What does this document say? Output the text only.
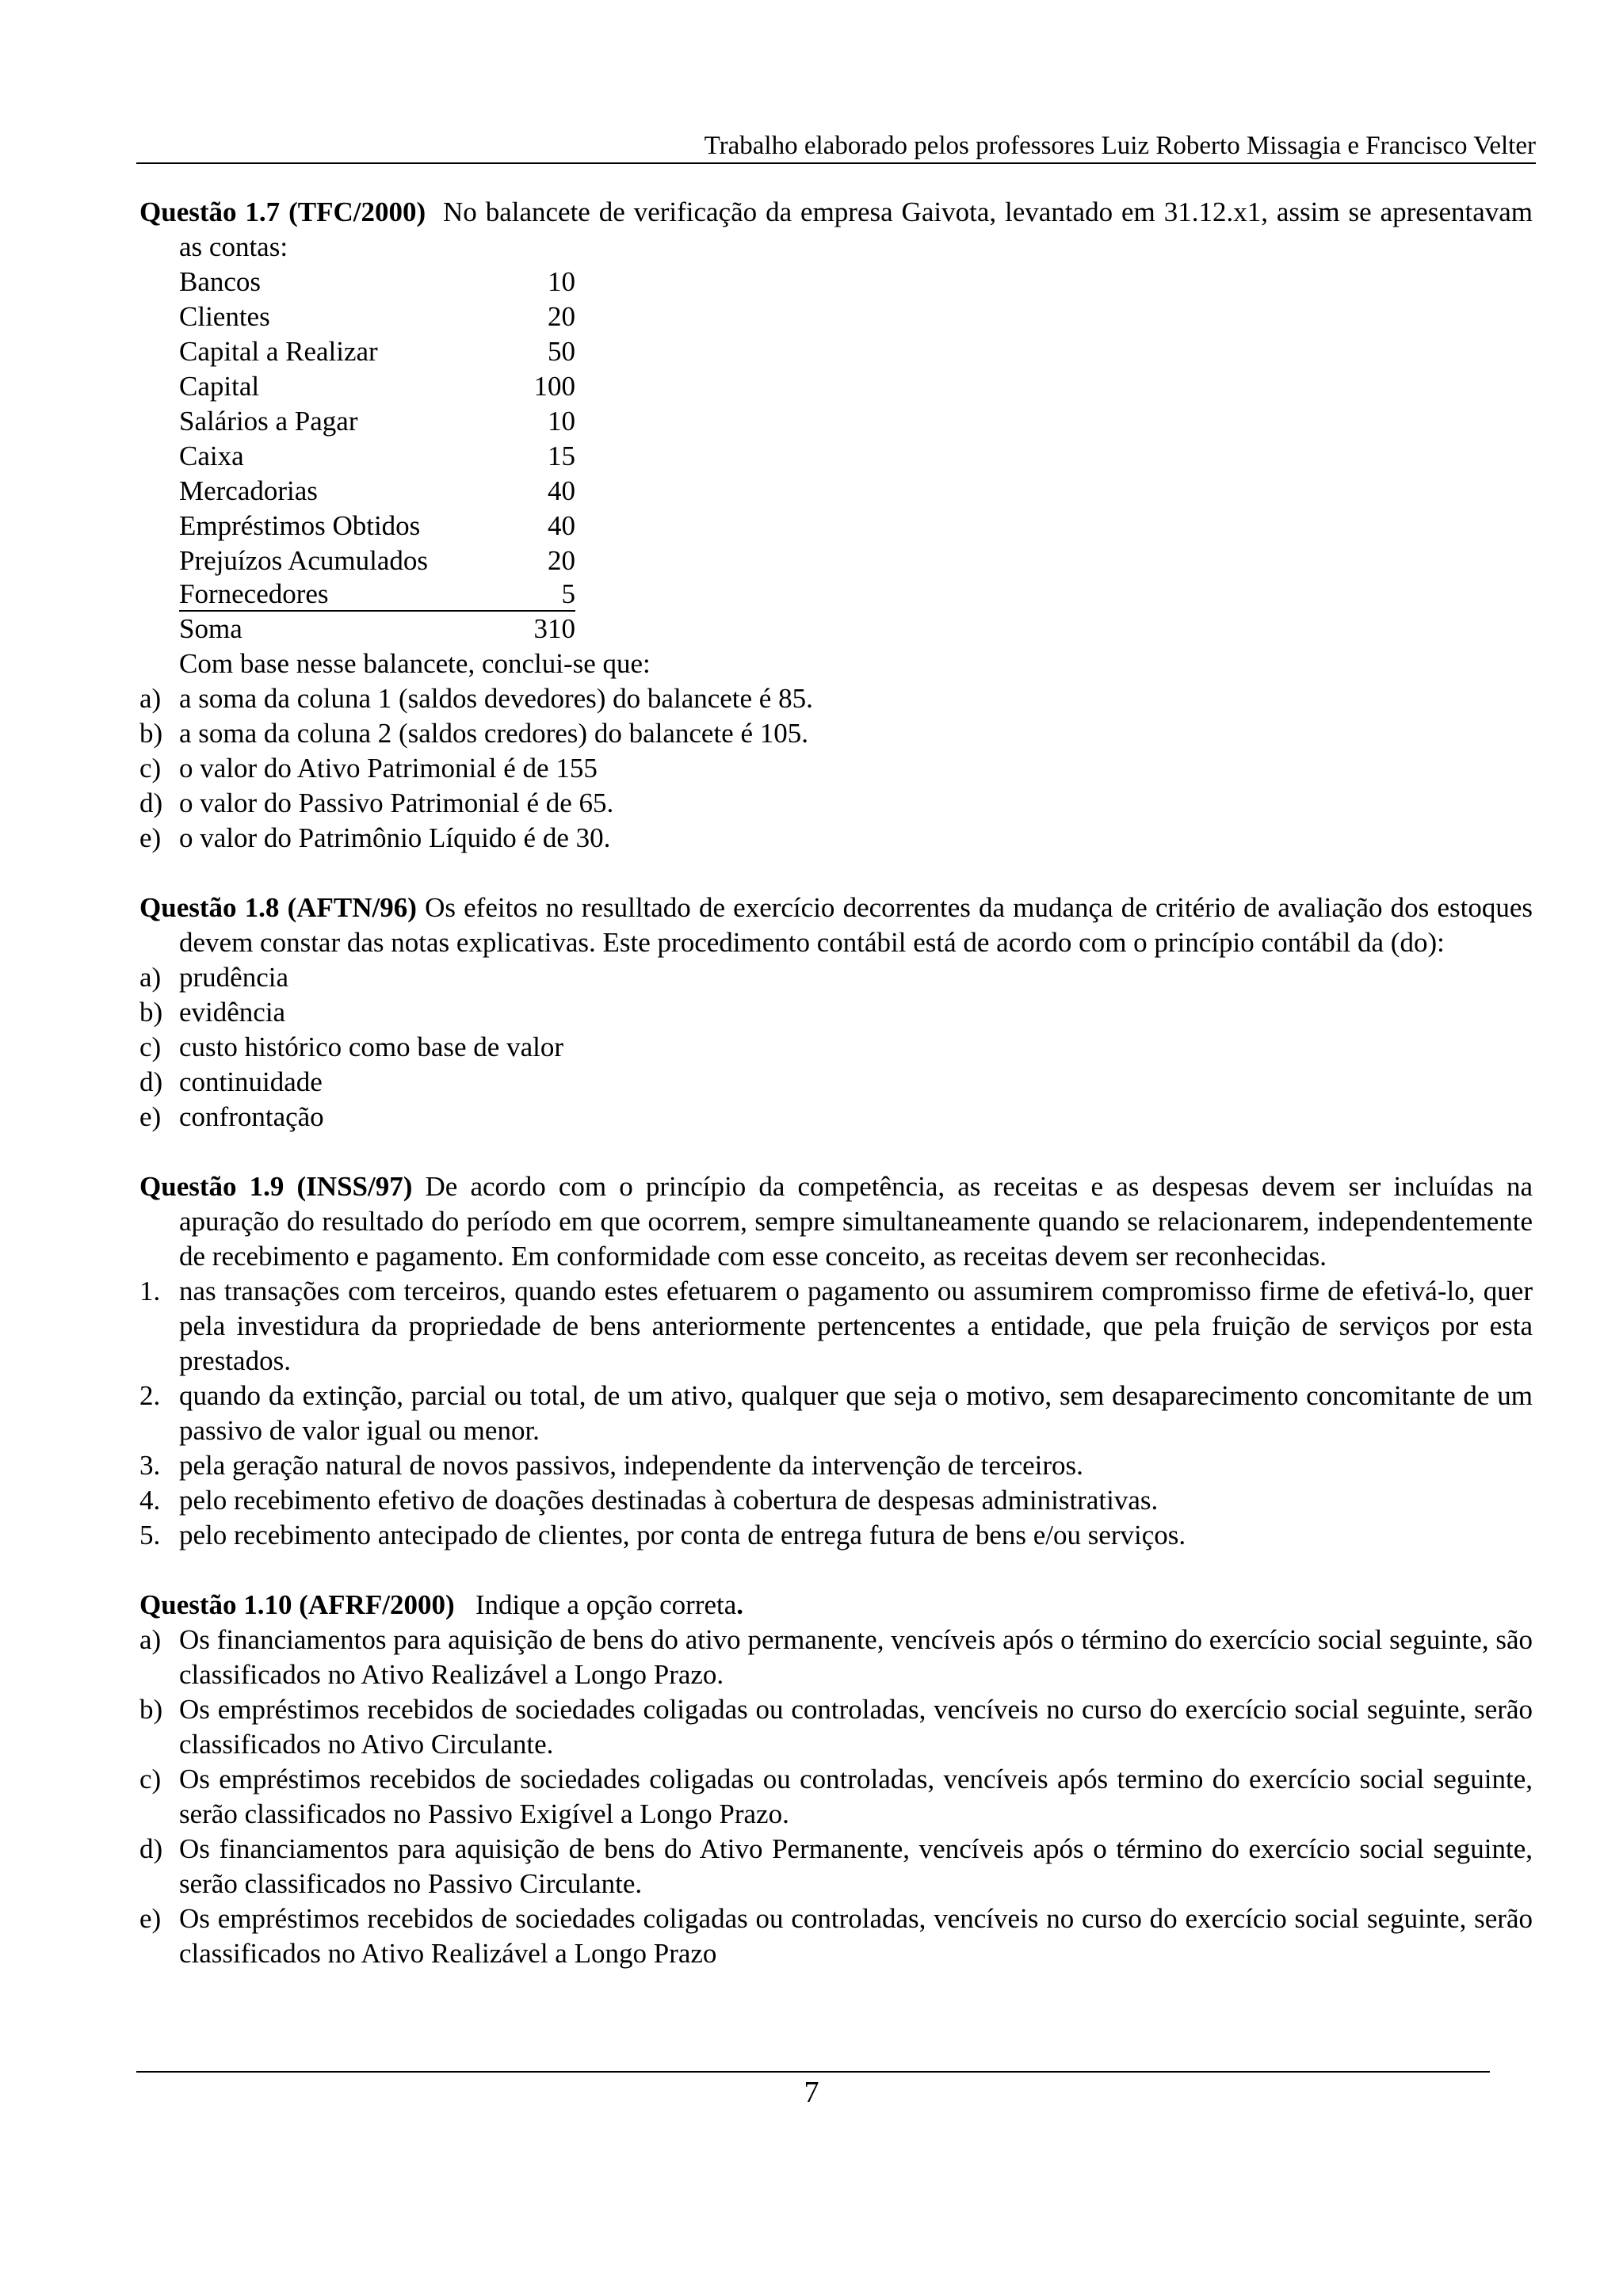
Trabalho elaborado pelos professores Luiz Roberto Missagia e Francisco Velter

Questão 1.7 (TFC/2000) No balancete de verificação da empresa Gaivota, levantado em 31.12.x1, assim se apresentavam as contas:

Bancos	10
Clientes	20
Capital a Realizar	50
Capital	100
Salários a Pagar	10
Caixa	15
Mercadorias	40
Empréstimos Obtidos	40
Prejuízos Acumulados	20
Fornecedores	5
Soma	310
Com base nesse balancete, conclui-se que:
a) a soma da coluna 1 (saldos devedores) do balancete é 85.
b) a soma da coluna 2 (saldos credores) do balancete é 105.
c) o valor do Ativo Patrimonial é de 155
d) o valor do Passivo Patrimonial é de 65.
e) o valor do Patrimônio Líquido é de 30.

Questão 1.8 (AFTN/96) Os efeitos no resulltado de exercício decorrentes da mudança de critério de avaliação dos estoques devem constar das notas explicativas. Este procedimento contábil está de acordo com o princípio contábil da (do):

a) prudência
b) evidência
c) custo histórico como base de valor
d) continuidade
e) confrontação

Questão 1.9 (INSS/97) De acordo com o princípio da competência, as receitas e as despesas devem ser incluídas na apuração do resultado do período em que ocorrem, sempre simultaneamente quando se relacionarem, independentemente de recebimento e pagamento. Em conformidade com esse conceito, as receitas devem ser reconhecidas.

1. nas transações com terceiros, quando estes efetuarem o pagamento ou assumirem compromisso firme de efetivá-lo, quer pela investidura da propriedade de bens anteriormente pertencentes a entidade, que pela fruição de serviços por esta prestados.
2. quando da extinção, parcial ou total, de um ativo, qualquer que seja o motivo, sem desaparecimento concomitante de um passivo de valor igual ou menor.
3. pela geração natural de novos passivos, independente da intervenção de terceiros.
4. pelo recebimento efetivo de doações destinadas à cobertura de despesas administrativas.
5. pelo recebimento antecipado de clientes, por conta de entrega futura de bens e/ou serviços.

Questão 1.10 (AFRF/2000) Indique a opção correta.

a) Os financiamentos para aquisição de bens do ativo permanente, vencíveis após o término do exercício social seguinte, são classificados no Ativo Realizável a Longo Prazo.
b) Os empréstimos recebidos de sociedades coligadas ou controladas, vencíveis no curso do exercício social seguinte, serão classificados no Ativo Circulante.
c) Os empréstimos recebidos de sociedades coligadas ou controladas, vencíveis após termino do exercício social seguinte, serão classificados no Passivo Exigível a Longo Prazo.
d) Os financiamentos para aquisição de bens do Ativo Permanente, vencíveis após o término do exercício social seguinte, serão classificados no Passivo Circulante.
e) Os empréstimos recebidos de sociedades coligadas ou controladas, vencíveis no curso do exercício social seguinte, serão classificados no Ativo Realizável a Longo Prazo
7
